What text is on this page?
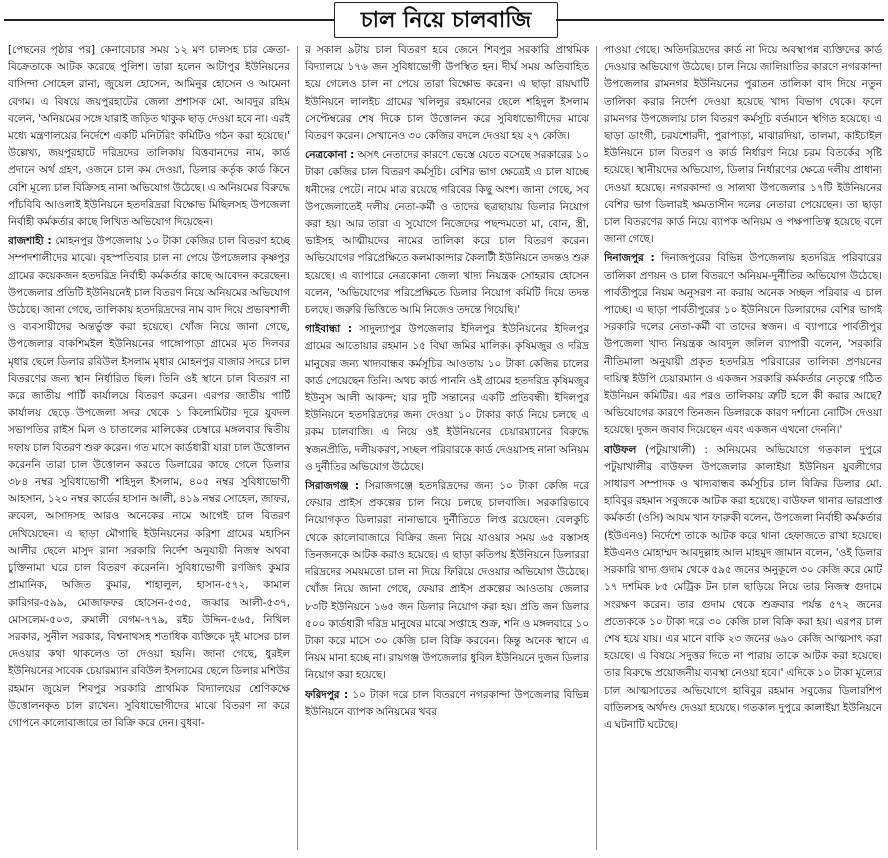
চাল নিয়ে চালবাজি

[পেছনের পৃষ্ঠার পর] কেনাবেচার সময় ১২ মণ চালসহ চার ক্রেতা-বিক্রেতাকে আটক করেছে পুলিশ। তারা হলেন আটাপুর ইউনিয়নের বাসিন্দা সোহেল রানা, জুয়েল হোসেন, আমিনুর হোসেন ও আমেনা বেগম। এ বিষয়ে জয়পুরহাটের জেলা প্রশাসক মো. আবদুর রহিম বলেন, 'অনিয়মের সঙ্গে যারাই জড়িত থাকুক ছাড় দেওয়া হবে না। এরই মধ্যে মন্ত্রণালয়ের নির্দেশে একটি মনিটরিং কমিটিও গঠন করা হয়েছে।' উল্লেখ্য, জয়পুরহাটে দরিদ্রদের তালিকায় বিত্তবানদের নাম, কার্ড প্রদানে অর্থ গ্রহণ, ওজনে চাল কম দেওয়া, ডিলার কর্তৃক কার্ড কিনে বেশি মূল্যে চাল বিক্রিসহ নানা অভিযোগ উঠেছে। এ অনিয়মের বিরুদ্ধে পাঁচবিবি আওলাই ইউনিয়নে হতদরিদ্ররা বিক্ষোভ মিছিলসহ উপজেলা নির্বাহী কর্মকর্তার কাছে লিখিত অভিযোগ দিয়েছেন।

রাজশাহী : মোহনপুর উপজেলায় ১০ টাকা কেজির চাল বিতরণ হচ্ছে সম্পদশালীদের মাঝে। বৃহস্পতিবার চাল না পেয়ে উপজেলার কৃষ্ণপুর গ্রামের কয়েকজন হতদরিদ্র নির্বাহী কর্মকর্তার কাছে আবেদন করেছেন। উপজেলার প্রতিটি ইউনিয়নেই চাল বিতরণ নিয়ে অনিয়মের অভিযোগ উঠেছে। জানা গেছে, তালিকায় হতদরিদ্রদের নাম বাদ দিয়ে প্রভাবশালী ও ব্যবসায়ীদের অন্তর্ভুক্ত করা হয়েছে। খোঁজ নিয়ে জানা গেছে, উপজেলার বাকশিমইল ইউনিয়নের গাঙ্গোপাড়া গ্রামের মৃত দিলবর মৃধার ছেলে ডিলার রবিউল ইসলাম মৃধার মোহনপুর বাজার সদরে চাল বিতরণের জন্য স্থান নির্ধারিত ছিল। তিনি ওই স্থানে চাল বিতরণ না করে জাতীয় পার্টি কার্যালয়ে বিতরণ করেন। এরপর জাতীয় পার্টি কার্যালয় ছেড়ে উপজেলা সদর থেকে ১ কিলোমিটার দূরে যুবদল সভাপতির রাইস মিল ও চাতালের মালিকের চেম্বারে মঙ্গলবার দ্বিতীয় দফায় চাল বিতরণ শুরু করেন। গত মাসে কার্ডধারী যারা চাল উত্তোলন করেননি তারা চাল উত্তোলন করতে ডিলারের কাছে গেলে ডিলার ৩৮৪ নম্বর সুবিধাভোগী শহিদুল ইসলাম, ৪০৫ নম্বর সুবিধাভোগী আহসান, ১২০ নম্বর কার্ডের হাসান আলী, ৪১৯ নম্বর সোহেল, জাফর, রুবেল, আসাদসহ আরও অনেকের নামে আগেই চাল বিতরণ দেখিয়েছেন। এ ছাড়া মৌগাছি ইউনিয়নের করিশা গ্রামের মহাসিন আলীর ছেলে মাসুদ রানা সরকারি নির্দেশ অনুযায়ী নিজস্ব অথবা চুক্তিনামা ঘরে চাল বিতরণ করেননি। সুবিধাভোগী রণজিৎ কুমার প্রামানিক, অজিত কুমার, শাহালুল, হাসান-৫৭২, কামাল কারিগর-৫৯৯, মোজাফফর হোসেন-৫৩৫, জব্বার আলী-৫৩৭, মোসলেম-৫০৩, রুমালী বেগম-৭৭৯, রইচ উদ্দিন-৫৬৫, নিখিল সরকার, সুনীল সরকার, বিশ্বনাথসহ শতাধিক ব্যক্তিকে দুই মাসের চাল দেওয়ার কথা থাকলেও তা দেওয়া হয়নি। জানা গেছে, ধুরইল ইউনিয়নের সাবেক চেয়ারম্যান রবিউল ইসলামের ছেলে ডিলার মশিউর রহমান জুয়েল শিবপুর সরকারি প্রাথমিক বিদ্যালয়ের শ্রেণিকক্ষে উত্তোলনকৃত চাল রাখেন। সুবিধাভোগীদের মাঝে বিতরণ না করে গোপনে কালোবাজারে তা বিক্রি করে দেন। বুধবা-

র সকাল ৯টায় চাল বিতরণ হবে জেনে শিবপুর সরকারি প্রাথমিক বিদ্যালয়ে ১৭৬ জন সুবিধাভোগী উপস্থিত হন। দীর্ঘ সময় অতিবাহিত হয়ে গেলেও চাল না পেয়ে তারা বিক্ষোভ করেন। এ ছাড়া রায়ঘাটি ইউনিয়নে লালইচ গ্রামের খলিলুর রহমানের ছেলে শহিদুল ইসলাম সেপ্টেম্বরের শেষ দিকে চাল উত্তোলন করে সুবিধাভোগীদের মাঝে বিতরণ করেন। সেখানেও ৩০ কেজির বদলে দেওয়া হয় ২৭ কেজি।

নেত্রকোনা : অসৎ নেতাদের কারণে ভেস্তে যেতে বসেছে সরকারের ১০ টাকা কেজির চাল বিতরণ কর্মসূচি। বেশির ভাগ ক্ষেত্রেই এ চাল যাচ্ছে ধনীদের পেটে। নামে মাত্র রয়েছে গরিবের কিছু অংশ। জানা গেছে, সব উপজেলাতেই দলীয় নেতা-কর্মী ও তাদের ছত্রছায়ায় ডিলার নিয়োগ করা হয়। আর তারা এ সুযোগে নিজেদের পছন্দমতো মা, বোন, স্ত্রী, ভাইসহ আত্মীয়দের নামের তালিকা করে চাল বিতরণ করেন। অভিযোগের পরিপ্রেক্ষিতে কলমাকান্দার কৈলাটী ইউনিয়নে তদন্তও শুরু হয়েছে। এ ব্যাপারে নেত্রকোনা জেলা খাদ্য নিয়ন্ত্রক সোহরাব হোসেন বলেন, 'অভিযোগের পরিপ্রেক্ষিতে ডিলার নিয়োগ কমিটি দিয়ে তদন্ত চলছে। জরুরি ভিত্তিতে আমি নিজেও তদন্তে গিয়েছি।'

গাইবান্ধা : সাদুল্যাপুর উপজেলার ইদিলপুর ইউনিয়নের ইদিলপুর গ্রামের আতোয়ার রহমান ১৫ বিঘা জমির মালিক। কৃষিমজুর ও দরিদ্র মানুষের জন্য খাদ্যবান্ধব কর্মসূচির আওতায় ১০ টাকা কেজির চালের কার্ড পেয়েছেন তিনি। অথচ কার্ড পাননি ওই গ্রামের হতদরিদ্র কৃষিমজুর ইউনুস আলী আকন্দ; যার দুটি সন্তানের একটি প্রতিবন্ধী। ইদিলপুর ইউনিয়নে হতদরিদ্রদের জন্য দেওয়া ১০ টাকার কার্ড নিয়ে চলছে এ রকম চালবাজি। এ নিয়ে ওই ইউনিয়নের চেয়ারম্যানের বিরুদ্ধে স্বজনপ্রীতি, দলীয়করণ, সচ্ছল পরিবারকে কার্ড দেওয়াসহ নানা অনিয়ম ও দুর্নীতির অভিযোগ উঠেছে।

সিরাজগঞ্জ : সিরাজগঞ্জে হতদরিদ্রদের জন্য ১০ টাকা কেজি দরে ফেয়ার প্রাইস প্রকল্পের চাল নিয়ে চলছে চালবাজি। সরকারিভাবে নিয়োগকৃত ডিলাররা নানাভাবে দুর্নীতিতে লিপ্ত রয়েছেন। বেলকুচি থেকে কালোবাজারে বিক্রির জন্য নিয়ে যাওয়ার সময় ৬৫ বস্তাসহ তিনজনকে আটক করাও হয়েছে। এ ছাড়া কতিপয় ইউনিয়নে ডিলাররা দরিদ্রদের সময়মতো চাল না দিয়ে ফিরিয়ে দেওয়ার অভিযোগ উঠেছে। খোঁজ নিয়ে জানা গেছে, ফেয়ার প্রাইস প্রকল্পের আওতায় জেলার ৮৩টি ইউনিয়নে ১৬৫ জন ডিলার নিয়োগ করা হয়। প্রতি জন ডিলার ৫০০ কার্ডধারী দরিদ্র মানুষের মাঝে সপ্তাহে শুক্র, শনি ও মঙ্গলবারে ১০ টাকা করে মাসে ৩০ কেজি চাল বিক্রি করবেন। কিন্তু অনেক স্থানে এ নিয়ম মানা হচ্ছে না। রায়গঞ্জ উপজেলার ধুবিল ইউনিয়নে দুজন ডিলার নিয়োগ করা হয়েছে।

ফরিদপুর : ১০ টাকা দরে চাল বিতরণে নগরকান্দা উপজেলার বিভিন্ন ইউনিয়নে ব্যাপক অনিয়মের খবর

পাওয়া গেছে। অতিদরিদ্রদের কার্ড না দিয়ে অবস্থাপন্ন ব্যক্তিদের কার্ড দেওয়ার অভিযোগ উঠেছে। চাল নিয়ে জালিয়াতির কারণে নগরকান্দা উপজেলার রামনগর ইউনিয়নের পুরাতন তালিকা বাদ দিয়ে নতুন তালিকা করার নির্দেশ দেওয়া হয়েছে খাদ্য বিভাগ থেকে। ফলে রামনগর উপজেলায় চাল বিতরণ কর্মসূচি বর্তমানে স্থগিত হয়েছে। এ ছাড়া ডাংগী, চরযশোরদী, পুরাপাড়া, মাঝারদিয়া, তালমা, কাইচাইল ইউনিয়নে চাল বিতরণ ও কার্ড নির্ধারণ নিয়ে চরম বিতর্কের সৃষ্টি হয়েছে। স্থানীয়দের অভিযোগ, ডিলার নির্ধারণের ক্ষেত্রে দলীয় প্রাধান্য দেওয়া হয়েছে। নগরকান্দা ও সালথা উপজেলার ১৭টি ইউনিয়নের বেশির ভাগ ডিলারই ক্ষমতাসীন দলের নেতারা পেয়েছেন। তা ছাড়া চাল বিতরণের কার্ড নিয়ে ব্যাপক অনিয়ম ও পক্ষপাতিত্ব হয়েছে বলে জানা গেছে।

দিনাজপুর : দিনাজপুরের বিভিন্ন উপজেলায় হতদরিদ্র পরিবারের তালিকা প্রণয়ন ও চাল বিতরণে অনিয়ম-দুর্নীতির অভিযোগ উঠেছে। পার্বতীপুরে নিয়ম অনুসরণ না করায় অনেক সচ্ছল পরিবার এ চাল পাচ্ছে। এ ছাড়া পার্বতীপুরের ১০ ইউনিয়নে ডিলারদের বেশির ভাগই সরকারি দলের নেতা-কর্মী বা তাদের স্বজন। এ ব্যাপারে পার্বতীপুর উপজেলা খাদ্য নিয়ন্ত্রক আবদুল জলিল ব্যাপারী বলেন, 'সরকারি নীতিমালা অনুযায়ী প্রকৃত হতদরিদ্র পরিবারের তালিকা প্রণয়নের দায়িত্ব ইউপি চেয়ারম্যান ও একজন সরকারি কর্মকর্তার নেতৃত্বে গঠিত ইউনিয়ন কমিটির। এর পরও তালিকায় ত্রুটি হলে কী করার আছে? অভিযোগের কারণে তিনজন ডিলারকে কারণ দর্শানো নোটিস দেওয়া হয়েছে। দুজন জবাব দিয়েছেন এবং একজন এখনো দেননি।'

বাউফল (পটুয়াখালী) : অনিয়মের অভিযোগে গতকাল দুপুরে পটুয়াখালীর বাউফল উপজেলার কালাইয়া ইউনিয়ন যুবলীগের সাধারণ সম্পাদক ও খাদ্যবান্ধব কর্মসূচির চাল বিক্রির ডিলার মো. হাবিবুর রহমান সবুজকে আটক করা হয়েছে। বাউফল থানার ভারপ্রাপ্ত কর্মকর্তা (ওসি) আযম খান ফারুকী বলেন, উপজেলা নির্বাহী কর্মকর্তার (ইউএনও) নির্দেশে তাকে আটক করে থানা হেফাজতে রাখা হয়েছে। ইউএনও মোহাম্মদ আবদুল্লাহ আল মাহমুদ জামান বলেন, 'ওই ডিলার সরকারি খাদ্য গুদাম থেকে ৫৯৫ জনের অনুকূলে ৩০ কেজি করে মোট ১৭ দশমিক ৮৫ মেট্রিক টন চাল ছাড়িয়ে নিয়ে তার নিজস্ব গুদামে সংরক্ষণ করেন। তার গুদাম থেকে শুক্রবার পর্যন্ত ৫৭২ জনের প্রত্যেককে ১০ টাকা দরে ৩০ কেজি চাল বিক্রি করা হয়। এরপর চাল শেষ হয়ে যায়। এর মানে বাকি ২৩ জনের ৬৯০ কেজি আত্মসাৎ করা হয়েছে। এ বিষয়ে সদুত্তর দিতে না পারায় তাকে আটক করা হয়েছে। তার বিরুদ্ধে প্রয়োজনীয় ব্যবস্থা নেওয়া হবে।' এদিকে ১০ টাকা মূল্যের চাল আত্মসাতের অভিযোগে হাবিবুর রহমান সবুজের ডিলারশিপ বাতিলসহ অর্থদণ্ড দেওয়া হয়েছে। গতকাল দুপুরে কালাইয়া ইউনিয়নে এ ঘটনাটি ঘটেছে।
